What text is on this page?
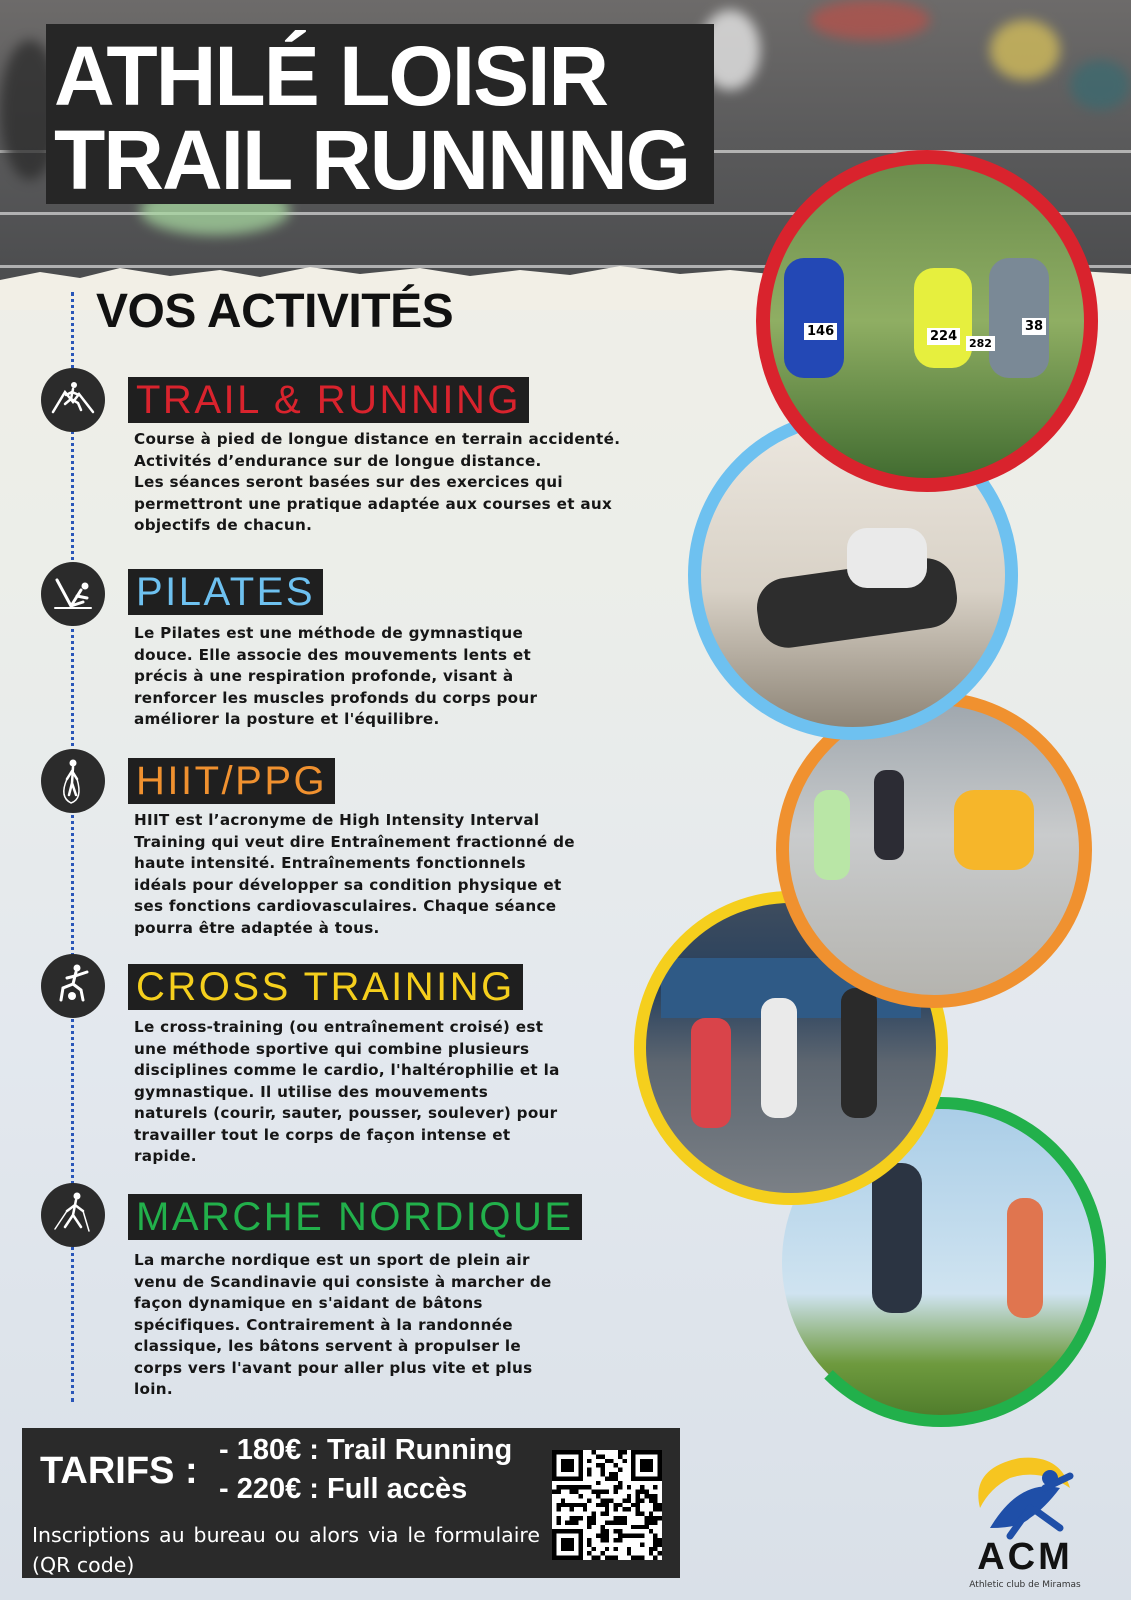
ATHLÉ LOISIR
TRAIL RUNNING
VOS ACTIVITÉS
TRAIL & RUNNING
Course à pied de longue distance en terrain accidenté.
Activités d’endurance sur de longue distance.
Les séances seront basées sur des exercices qui
permettront une pratique adaptée aux courses et aux
objectifs de chacun.
PILATES
Le Pilates est une méthode de gymnastique
douce. Elle associe des mouvements lents et
précis à une respiration profonde, visant à
renforcer les muscles profonds du corps pour
améliorer la posture et l'équilibre.
HIIT/PPG
HIIT est l’acronyme de High Intensity Interval
Training qui veut dire Entraînement fractionné de
haute intensité. Entraînements fonctionnels
idéals pour développer sa condition physique et
ses fonctions cardiovasculaires. Chaque séance
pourra être adaptée à tous.
CROSS TRAINING
Le cross-training (ou entraînement croisé) est
une méthode sportive qui combine plusieurs
disciplines comme le cardio, l'haltérophilie et la
gymnastique. Il utilise des mouvements
naturels (courir, sauter, pousser, soulever) pour
travailler tout le corps de façon intense et
rapide.
MARCHE NORDIQUE
La marche nordique est un sport de plein air
venu de Scandinavie qui consiste à marcher de
façon dynamique en s'aidant de bâtons
spécifiques. Contrairement à la randonnée
classique, les bâtons servent à propulser le
corps vers l'avant pour aller plus vite et plus
loin.
146	224 282
38
TARIFS : - 180€ : Trail Running
- 220€ : Full accès
Inscriptions au bureau ou alors via le formulaire (QR code)	ACM
Athletic club de Miramas
